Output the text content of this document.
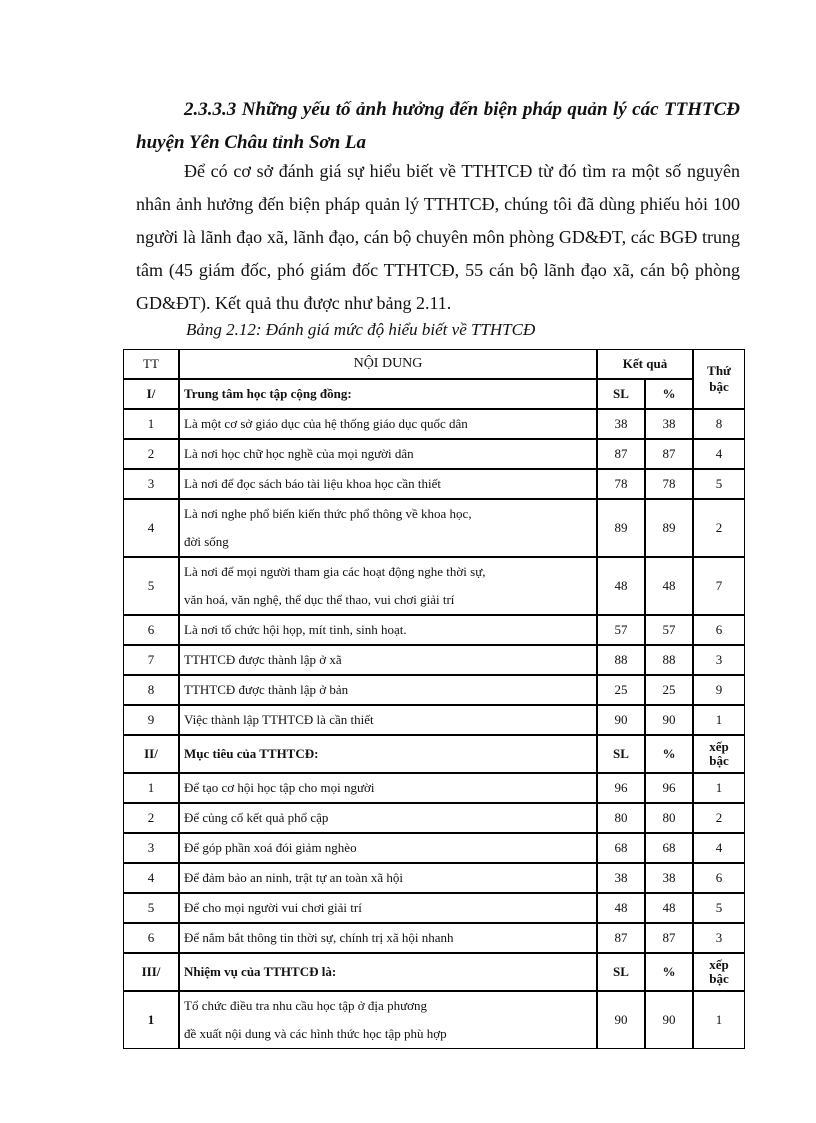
2.3.3.3 Những yếu tố ảnh hưởng đến biện pháp quản lý các TTHTCĐ huyện Yên Châu tỉnh Sơn La

Để có cơ sở đánh giá sự hiểu biết về TTHTCĐ từ đó tìm ra một số nguyên nhân ảnh hưởng đến biện pháp quản lý TTHTCĐ, chúng tôi đã dùng phiếu hỏi 100 người là lãnh đạo xã, lãnh đạo, cán bộ chuyên môn phòng GD&ĐT, các BGĐ trung tâm (45 giám đốc, phó giám đốc TTHTCĐ, 55 cán bộ lãnh đạo xã, cán bộ phòng GD&ĐT). Kết quả thu được như bảng 2.11.

Bảng 2.12: Đánh giá mức độ hiểu biết về TTHTCĐ

TT	NỘI DUNG	Kết quả		Thứ bậc
I/	Trung tâm học tập cộng đồng:	SL	%	
1	Là một cơ sở giáo dục của hệ thống giáo dục quốc dân	38	38	8
2	Là nơi học chữ học nghề của mọi người dân	87	87	4
3	Là nơi để đọc sách báo tài liệu khoa học cần thiết	78	78	5
4	Là nơi nghe phổ biến kiến thức phổ thông về khoa học,
đời sống	89	89	2
5	Là nơi để mọi người tham gia các hoạt động nghe thời sự,
văn hoá, văn nghệ, thể dục thể thao, vui chơi giải trí	48	48	7
6	Là nơi tổ chức hội họp, mít tinh, sinh hoạt.	57	57	6
7	TTHTCĐ được thành lập ở xã	88	88	3
8	TTHTCĐ được thành lập ở bản	25	25	9
9	Việc thành lập TTHTCĐ là cần thiết	90	90	1
II/	Mục tiêu của TTHTCĐ:	SL	%	xếp bậc
1	Để tạo cơ hội học tập cho mọi người	96	96	1
2	Để củng cố kết quả phổ cập	80	80	2
3	Để góp phần xoá đói giảm nghèo	68	68	4
4	Để đảm bảo an ninh, trật tự an toàn xã hội	38	38	6
5	Để cho mọi người vui chơi giải trí	48	48	5
6	Để nắm bắt thông tin thời sự, chính trị xã hội nhanh	87	87	3
III/	Nhiệm vụ của TTHTCĐ là:	SL	%	xếp bậc
1	Tổ chức điều tra nhu cầu học tập ở địa phương
đề xuất nội dung và các hình thức học tập phù hợp	90	90	1
